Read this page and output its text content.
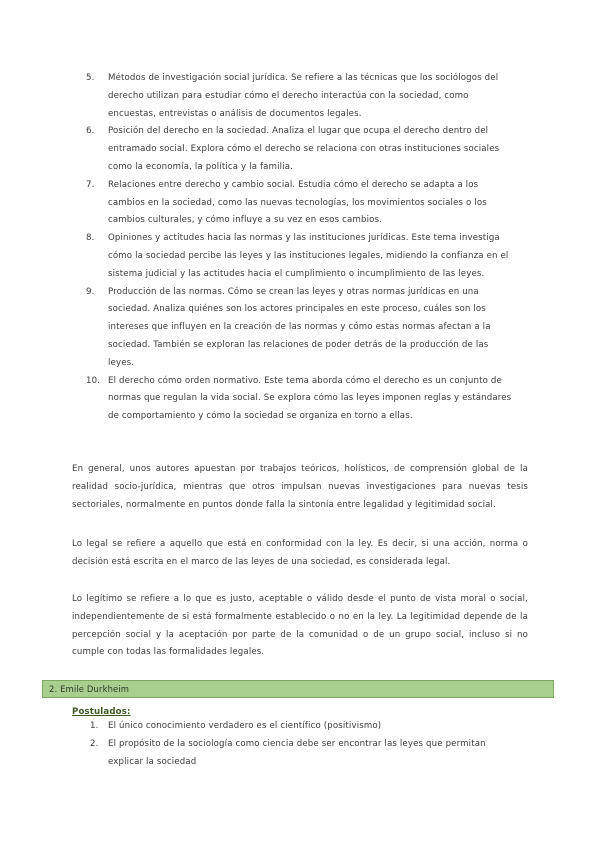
5. Métodos de investigación social jurídica. Se refiere a las técnicas que los sociólogos del derecho utilizan para estudiar cómo el derecho interactúa con la sociedad, como encuestas, entrevistas o análisis de documentos legales.
6. Posición del derecho en la sociedad. Analiza el lugar que ocupa el derecho dentro del entramado social. Explora cómo el derecho se relaciona con otras instituciones sociales como la economía, la política y la familia.
7. Relaciones entre derecho y cambio social. Estudia cómo el derecho se adapta a los cambios en la sociedad, como las nuevas tecnologías, los movimientos sociales o los cambios culturales, y cómo influye a su vez en esos cambios.
8. Opiniones y actitudes hacia las normas y las instituciones jurídicas. Este tema investiga cómo la sociedad percibe las leyes y las instituciones legales, midiendo la confianza en el sistema judicial y las actitudes hacia el cumplimiento o incumplimiento de las leyes.
9. Producción de las normas. Cómo se crean las leyes y otras normas jurídicas en una sociedad. Analiza quiénes son los actores principales en este proceso, cuáles son los intereses que influyen en la creación de las normas y cómo estas normas afectan a la sociedad. También se exploran las relaciones de poder detrás de la producción de las leyes.
10. El derecho cómo orden normativo. Este tema aborda cómo el derecho es un conjunto de normas que regulan la vida social. Se explora cómo las leyes imponen reglas y estándares de comportamiento y cómo la sociedad se organiza en torno a ellas.

En general, unos autores apuestan por trabajos teóricos, holísticos, de comprensión global de la realidad socio-jurídica, mientras que otros impulsan nuevas investigaciones para nuevas tesis sectoriales, normalmente en puntos donde falla la sintonía entre legalidad y legitimidad social.

Lo legal se refiere a aquello que está en conformidad con la ley. Es decir, si una acción, norma o decisión está escrita en el marco de las leyes de una sociedad, es considerada legal.

Lo legítimo se refiere a lo que es justo, aceptable o válido desde el punto de vista moral o social, independientemente de si está formalmente establecido o no en la ley. La legitimidad depende de la percepción social y la aceptación por parte de la comunidad o de un grupo social, incluso si no cumple con todas las formalidades legales.

2. Emile Durkheim
Postulados:
1. El único conocimiento verdadero es el científico (positivismo)
2. El propósito de la sociología como ciencia debe ser encontrar las leyes que permitan explicar la sociedad
